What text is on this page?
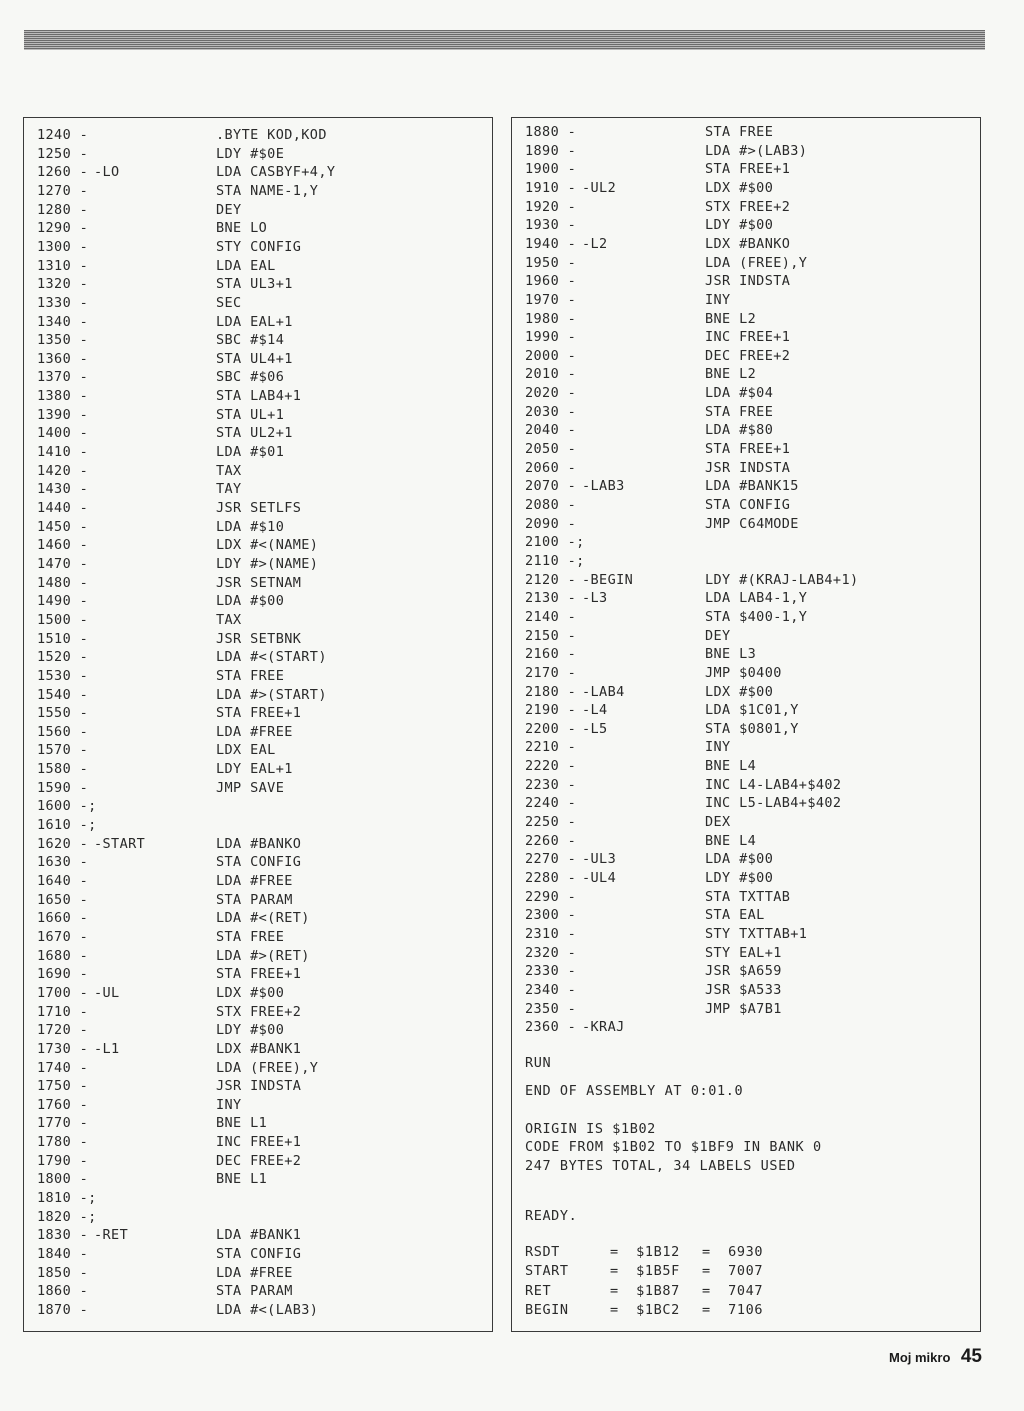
1240 -	.BYTE KOD,KOD
1250 -	LDY #$0E
1260 - -LO	LDA CASBYF+4,Y
1270 -	STA NAME-1,Y
1280 -	DEY
1290 -	BNE LO
1300 -	STY CONFIG
1310 -	LDA EAL
1320 -	STA UL3+1
1330 -	SEC
1340 -	LDA EAL+1
1350 -	SBC #$14
1360 -	STA UL4+1
1370 -	SBC #$06
1380 -	STA LAB4+1
1390 -	STA UL+1
1400 -	STA UL2+1
1410 -	LDA #$01
1420 -	TAX
1430 -	TAY
1440 -	JSR SETLFS
1450 -	LDA #$10
1460 -	LDX #<(NAME)
1470 -	LDY #>(NAME)
1480 -	JSR SETNAM
1490 -	LDA #$00
1500 -	TAX
1510 -	JSR SETBNK
1520 -	LDA #<(START)
1530 -	STA FREE
1540 -	LDA #>(START)
1550 -	STA FREE+1
1560 -	LDA #FREE
1570 -	LDX EAL
1580 -	LDY EAL+1
1590 -	JMP SAVE
1600 -;
1610 -;
1620 - -START	LDA #BANKO
1630 -	STA CONFIG
1640 -	LDA #FREE
1650 -	STA PARAM
1660 -	LDA #<(RET)
1670 -	STA FREE
1680 -	LDA #>(RET)
1690 -	STA FREE+1
1700 - -UL	LDX #$00
1710 -	STX FREE+2
1720 -	LDY #$00
1730 - -L1	LDX #BANK1
1740 -	LDA (FREE),Y
1750 -	JSR INDSTA
1760 -	INY
1770 -	BNE L1
1780 -	INC FREE+1
1790 -	DEC FREE+2
1800 -	BNE L1
1810 -;
1820 -;
1830 - -RET	LDA #BANK1
1840 -	STA CONFIG
1850 -	LDA #FREE
1860 -	STA PARAM
1870 -	LDA #<(LAB3)
RUN
END OF ASSEMBLY AT 0:01.0
ORIGIN IS $1B02
CODE FROM $1B02 TO $1BF9 IN BANK 0
247 BYTES TOTAL, 34 LABELS USED
READY.
RSDT	=  $1B12 =  6930
START	=  $1B5F =  7007
RET	=  $1B87 =  7047
BEGIN	=  $1BC2 =  7106
1880 -	STA FREE
1890 -	LDA #>(LAB3)
1900 -	STA FREE+1
1910 - -UL2	LDX #$00
1920 -	STX FREE+2
1930 -	LDY #$00
1940 - -L2	LDX #BANKO
1950 -	LDA (FREE),Y
1960 -	JSR INDSTA
1970 -	INY
1980 -	BNE L2
1990 -	INC FREE+1
2000 -	DEC FREE+2
2010 -	BNE L2
2020 -	LDA #$04
2030 -	STA FREE
2040 -	LDA #$80
2050 -	STA FREE+1
2060 -	JSR INDSTA
2070 - -LAB3	LDA #BANK15
2080 -	STA CONFIG
2090 -	JMP C64MODE
2100 -;
2110 -;
2120 - -BEGIN	LDY #(KRAJ-LAB4+1)
2130 - -L3	LDA LAB4-1,Y
2140 -	STA $400-1,Y
2150 -	DEY
2160 -	BNE L3
2170 -	JMP $0400
2180 - -LAB4	LDX #$00
2190 - -L4	LDA $1C01,Y
2200 - -L5	STA $0801,Y
2210 -	INY
2220 -	BNE L4
2230 -	INC L4-LAB4+$402
2240 -	INC L5-LAB4+$402
2250 -	DEX
2260 -	BNE L4
2270 - -UL3	LDA #$00
2280 - -UL4	LDY #$00
2290 -	STA TXTTAB
2300 -	STA EAL
2310 -	STY TXTTAB+1
2320 -	STY EAL+1
2330 -	JSR $A659
2340 -	JSR $A533
2350 -	JMP $A7B1
2360 - -KRAJ
Moj mikro 45
